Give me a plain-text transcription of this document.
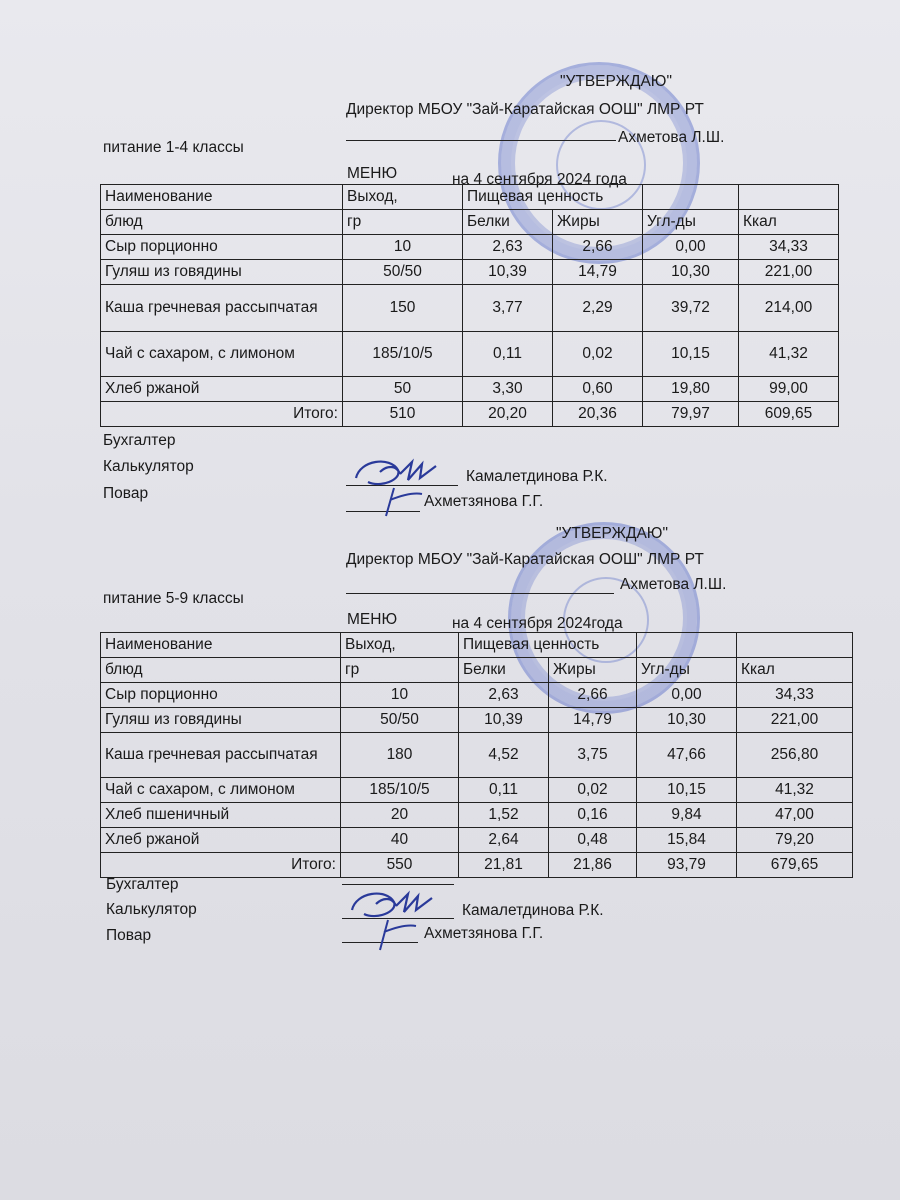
"УТВЕРЖДАЮ"
Директор МБОУ "Зай-Каратайская ООШ" ЛМР РТ
Ахметова Л.Ш.
питание 1-4 классы
МЕНЮ	на 4 сентября 2024 года
Наименование	Выход,	Пищевая ценность			
блюд	гр	Белки	Жиры	Угл-ды	Ккал
Сыр порционно	10	2,63	2,66	0,00	34,33
Гуляш из говядины	50/50	10,39	14,79	10,30	221,00
Каша гречневая рассыпчатая	150	3,77	2,29	39,72	214,00
Чай с сахаром, с лимоном	185/10/5	0,11	0,02	10,15	41,32
Хлеб ржаной	50	3,30	0,60	19,80	99,00
Итого:	510	20,20	20,36	79,97	609,65
Бухгалтер
Калькулятор
Повар
Камалетдинова Р.К.
Ахметзянова Г.Г.
"УТВЕРЖДАЮ"
Директор МБОУ "Зай-Каратайская ООШ" ЛМР РТ
Ахметова Л.Ш.
питание 5-9 классы
МЕНЮ	на 4 сентября 2024года
Наименование	Выход,	Пищевая ценность			
блюд	гр	Белки	Жиры	Угл-ды	Ккал
Сыр порционно	10	2,63	2,66	0,00	34,33
Гуляш из говядины	50/50	10,39	14,79	10,30	221,00
Каша гречневая рассыпчатая	180	4,52	3,75	47,66	256,80
Чай с сахаром, с лимоном	185/10/5	0,11	0,02	10,15	41,32
Хлеб пшеничный	20	1,52	0,16	9,84	47,00
Хлеб ржаной	40	2,64	0,48	15,84	79,20
Итого:	550	21,81	21,86	93,79	679,65
Бухгалтер
Калькулятор
Повар
Камалетдинова Р.К.
Ахметзянова Г.Г.
